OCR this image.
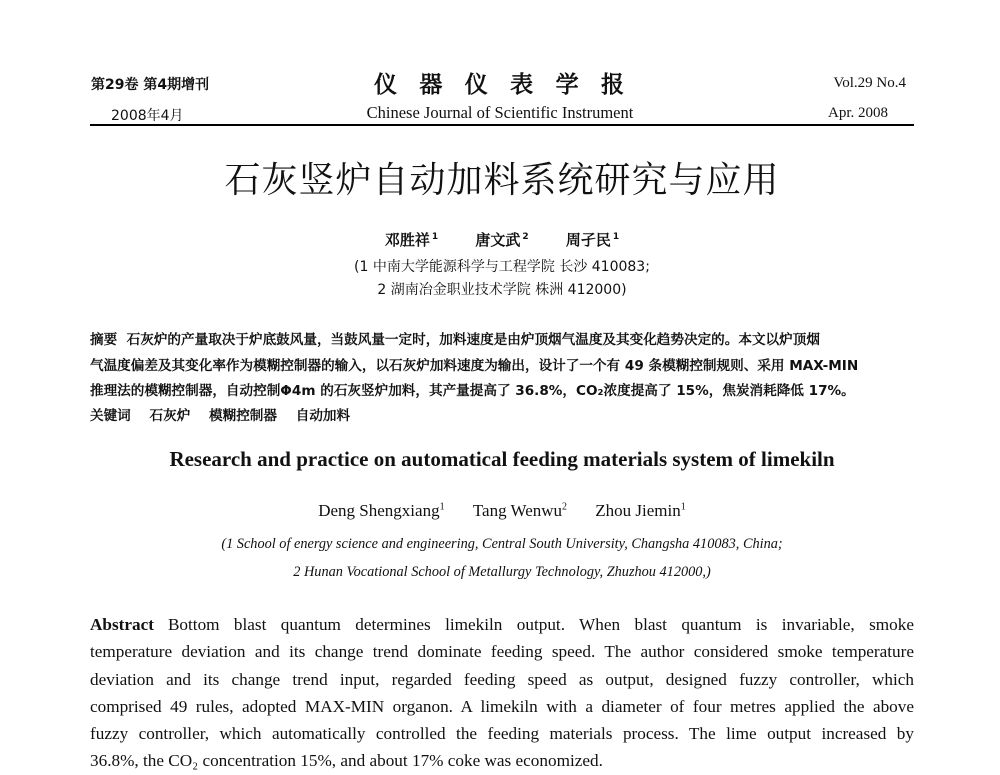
第29卷 第4期增刊
2008年4月
仪 器 仪 表 学 报
Chinese Journal of Scientific Instrument
Vol.29 No.4
Apr. 2008
石灰竖炉自动加料系统研究与应用
邓胜祥 $^1$ 唐文武 $^2$ 周孑民 $^1$
(1 中南大学能源科学与工程学院 长沙 410083;
2 湖南冶金职业技术学院 株洲 412000)
摘要 石灰炉的产量取决于炉底鼓风量，当鼓风量一定时，加料速度是由炉顶烟气温度及其变化趋势决定的。本文以炉顶烟
气温度偏差及其变化率作为模糊控制器的输入，以石灰炉加料速度为输出，设计了一个有 49 条模糊控制规则、采用 MAX-MIN
推理法的模糊控制器，自动控制Φ4m 的石灰竖炉加料，其产量提高了 36.8%，CO₂浓度提高了 15%，焦炭消耗降低 17%。
关键词 石灰炉 模糊控制器 自动加料
Research and practice on automatical feeding materials system of limekiln
Deng Shengxiang$^1$ Tang Wenwu$^2$ Zhou Jiemin$^1$
(1 School of energy science and engineering, Central South University, Changsha 410083, China;
2 Hunan Vocational School of Metallurgy Technology, Zhuzhou 412000,)
Abstract Bottom blast quantum determines limekiln output. When blast quantum is invariable, smoke
temperature deviation and its change trend dominate feeding speed. The author considered smoke temperature
deviation and its change trend input, regarded feeding speed as output, designed fuzzy controller, which
comprised 49 rules, adopted MAX-MIN organon. A limekiln with a diameter of four metres applied the above
fuzzy controller, which automatically controlled the feeding materials process. The lime output increased by
36.8%, the CO₂ concentration 15%, and about 17% coke was economized.
